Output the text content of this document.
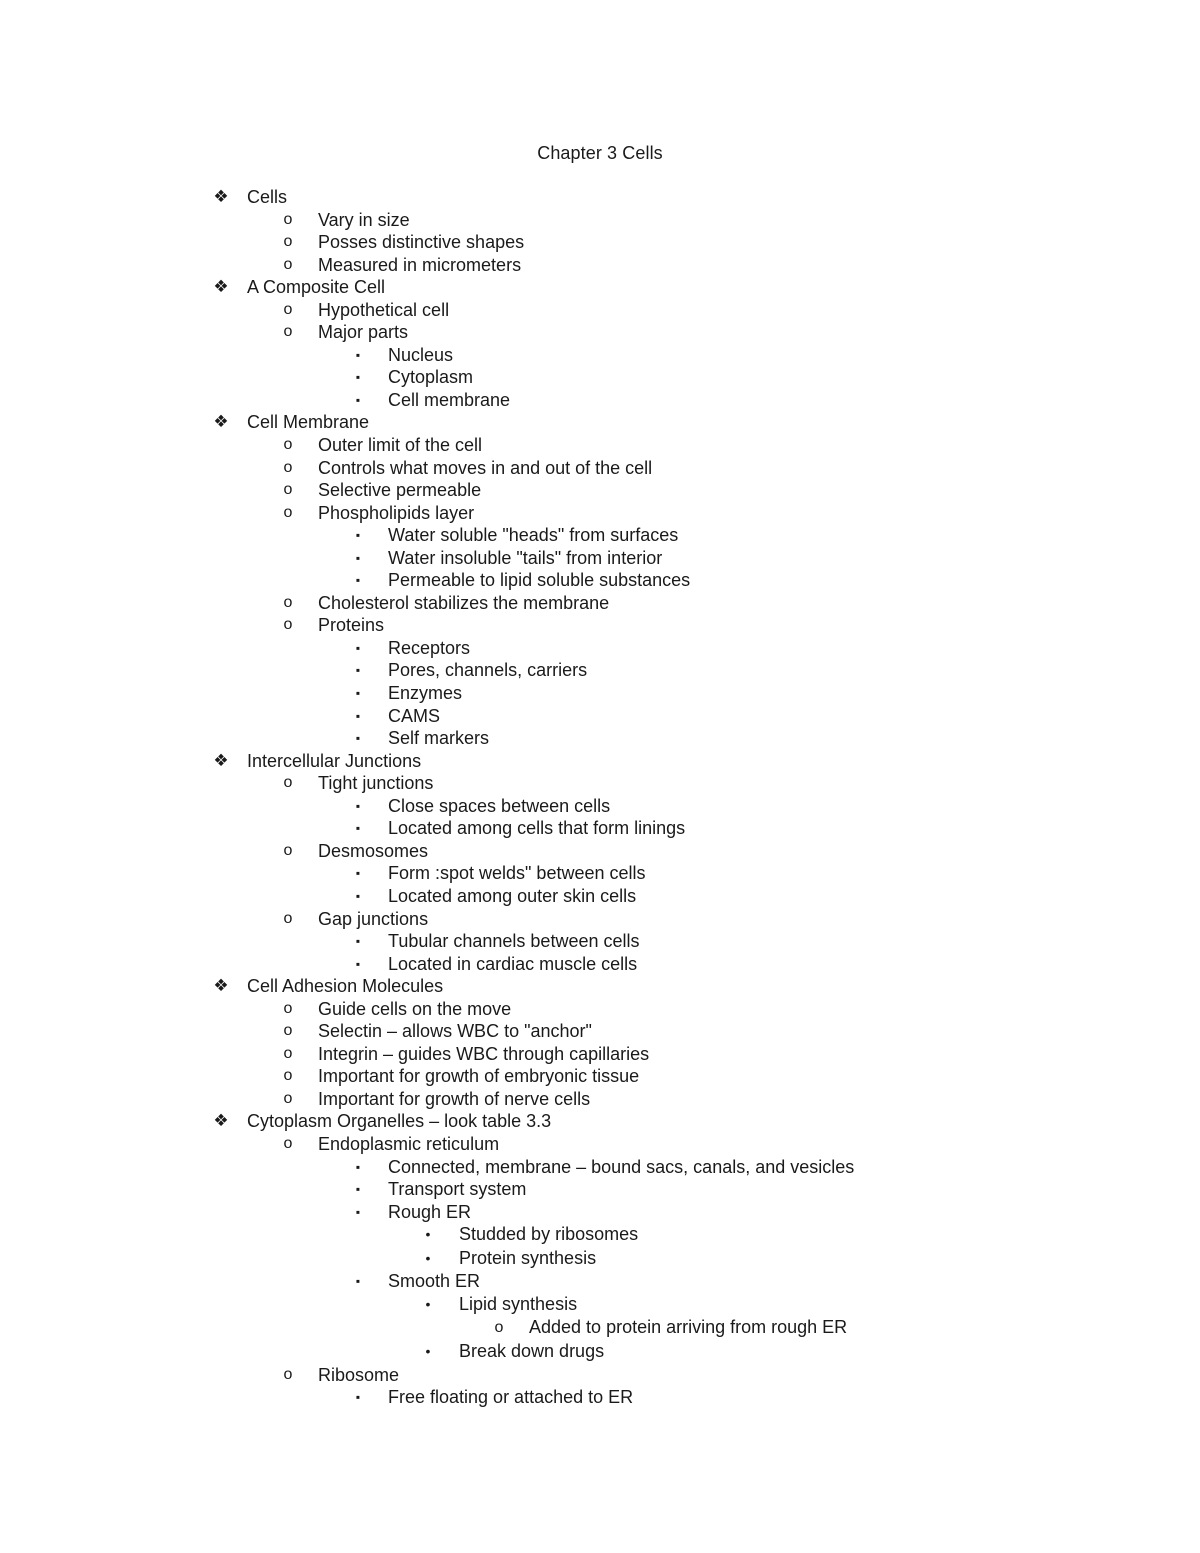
Chapter 3 Cells
❖ Cells
o	Vary in size
o	Posses distinctive shapes
o	Measured in micrometers
❖ A Composite Cell
o	Hypothetical cell
o	Major parts
▪	Nucleus
▪	Cytoplasm
▪	Cell membrane
❖ Cell Membrane
o	Outer limit of the cell
o	Controls what moves in and out of the cell
o	Selective permeable
o	Phospholipids layer
▪	Water soluble "heads" from surfaces
▪	Water insoluble "tails" from interior
▪	Permeable to lipid soluble substances
o	Cholesterol stabilizes the membrane
o	Proteins
▪	Receptors
▪	Pores, channels, carriers
▪	Enzymes
▪	CAMS
▪	Self markers
❖ Intercellular Junctions
o	Tight junctions
▪	Close spaces between cells
▪	Located among cells that form linings
o	Desmosomes
▪	Form :spot welds" between cells
▪	Located among outer skin cells
o	Gap junctions
▪	Tubular channels between cells
▪	Located in cardiac muscle cells
❖ Cell Adhesion Molecules
o	Guide cells on the move
o	Selectin – allows WBC to "anchor"
o	Integrin – guides WBC through capillaries
o	Important for growth of embryonic tissue
o	Important for growth of nerve cells
❖ Cytoplasm Organelles – look table 3.3
o	Endoplasmic reticulum
▪	Connected, membrane – bound sacs, canals, and vesicles
▪	Transport system
▪	Rough ER
•	Studded by ribosomes
•	Protein synthesis
▪	Smooth ER
•	Lipid synthesis
o	Added to protein arriving from rough ER
•	Break down drugs
o	Ribosome
▪	Free floating or attached to ER
